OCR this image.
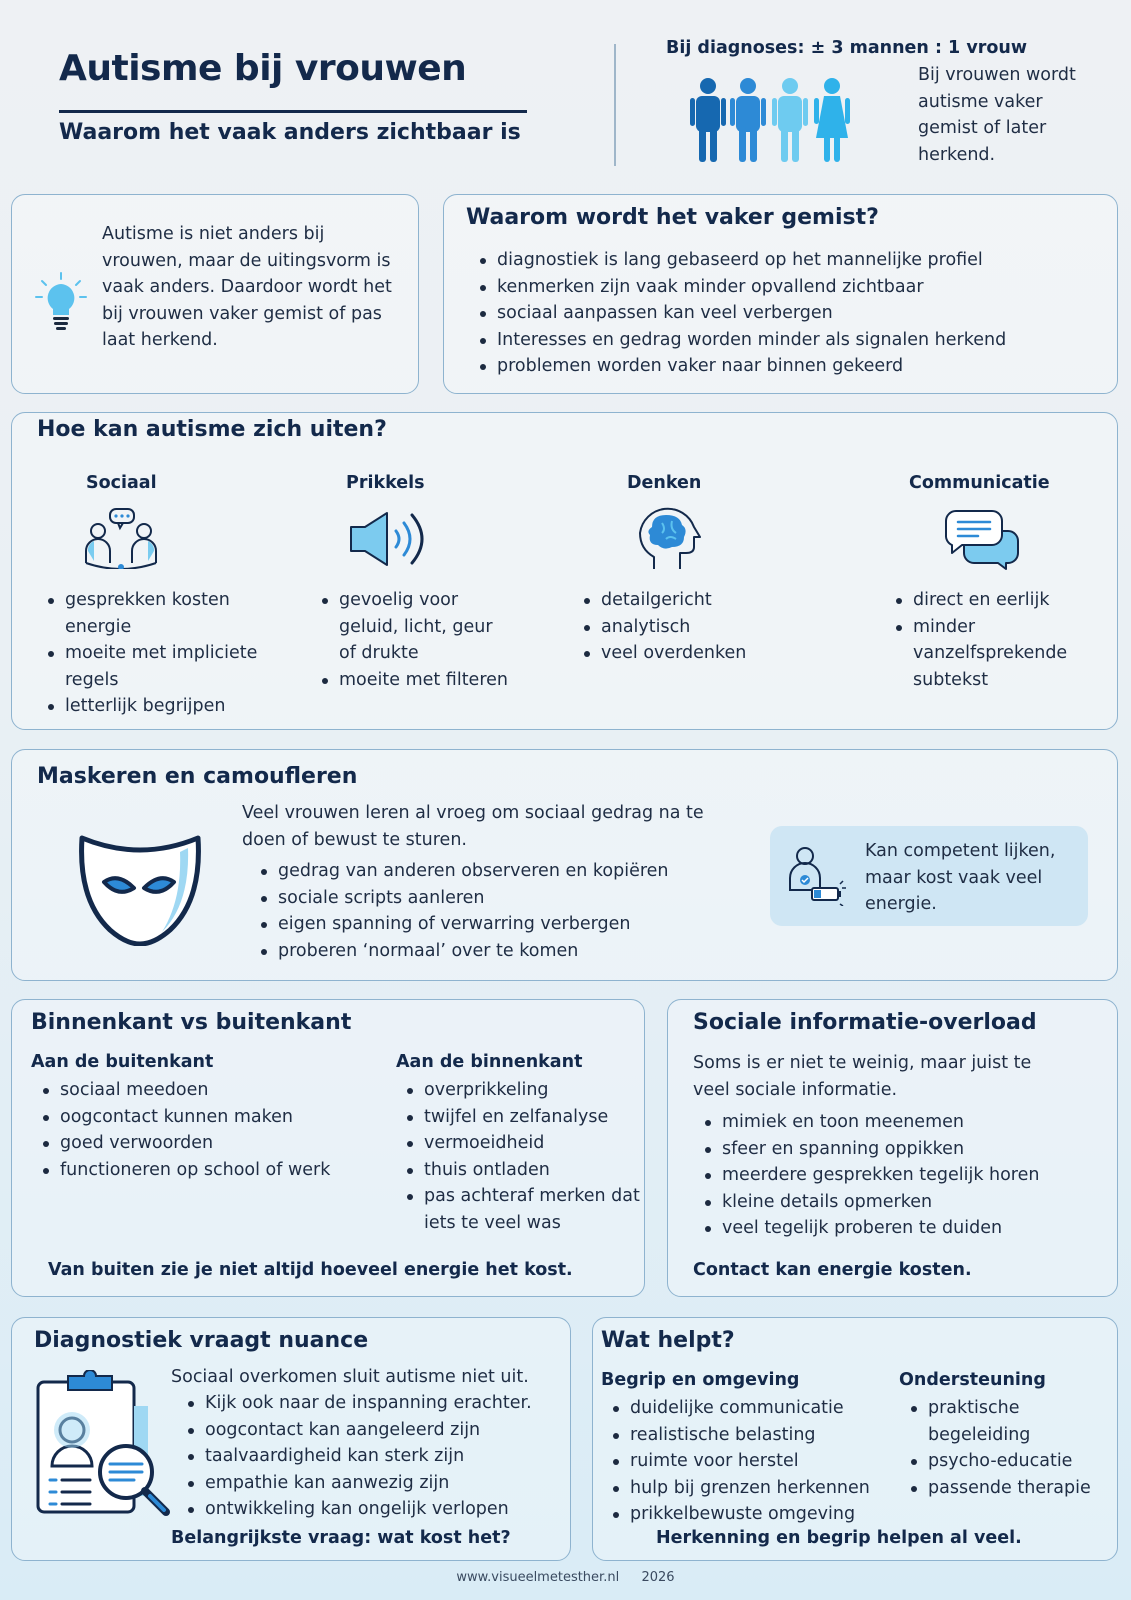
Autisme bij vrouwen
Waarom het vaak anders zichtbaar is
Bij diagnoses: ± 3 mannen : 1 vrouw
Bij vrouwen wordt autisme vaker gemist of later herkend.
Autisme is niet anders bij vrouwen, maar de uitingsvorm is vaak anders. Daardoor wordt het bij vrouwen vaker gemist of pas laat herkend.
Waarom wordt het vaker gemist?
diagnostiek is lang gebaseerd op het mannelijke profiel
kenmerken zijn vaak minder opvallend zichtbaar
sociaal aanpassen kan veel verbergen
Interesses en gedrag worden minder als signalen herkend
problemen worden vaker naar binnen gekeerd
Hoe kan autisme zich uiten?
Sociaal
gesprekken kosten energie
moeite met impliciete regels
letterlijk begrijpen
Prikkels
gevoelig voor geluid, licht, geur of drukte
moeite met filteren
Denken
detailgericht
analytisch
veel overdenken
Communicatie
direct en eerlijk
minder vanzelfsprekende subtekst
Maskeren en camoufleren
Veel vrouwen leren al vroeg om sociaal gedrag na te doen of bewust te sturen.
gedrag van anderen observeren en kopiëren
sociale scripts aanleren
eigen spanning of verwarring verbergen
proberen ‘normaal’ over te komen
Kan competent lijken, maar kost vaak veel energie.
Binnenkant vs buitenkant
Aan de buitenkant
sociaal meedoen
oogcontact kunnen maken
goed verwoorden
functioneren op school of werk
Aan de binnenkant
overprikkeling
twijfel en zelfanalyse
vermoeidheid
thuis ontladen
pas achteraf merken dat iets te veel was
Van buiten zie je niet altijd hoeveel energie het kost.
Sociale informatie-overload
Soms is er niet te weinig, maar juist te veel sociale informatie.
mimiek en toon meenemen
sfeer en spanning oppikken
meerdere gesprekken tegelijk horen
kleine details opmerken
veel tegelijk proberen te duiden
Contact kan energie kosten.
Diagnostiek vraagt nuance
Sociaal overkomen sluit autisme niet uit.
Kijk ook naar de inspanning erachter.
oogcontact kan aangeleerd zijn
taalvaardigheid kan sterk zijn
empathie kan aanwezig zijn
ontwikkeling kan ongelijk verlopen
Belangrijkste vraag: wat kost het?
Wat helpt?
Begrip en omgeving
duidelijke communicatie
realistische belasting
ruimte voor herstel
hulp bij grenzen herkennen
prikkelbewuste omgeving
Ondersteuning
praktische begeleiding
psycho-educatie
passende therapie
Herkenning en begrip helpen al veel.
www.visueelmetesther.nl 2026
